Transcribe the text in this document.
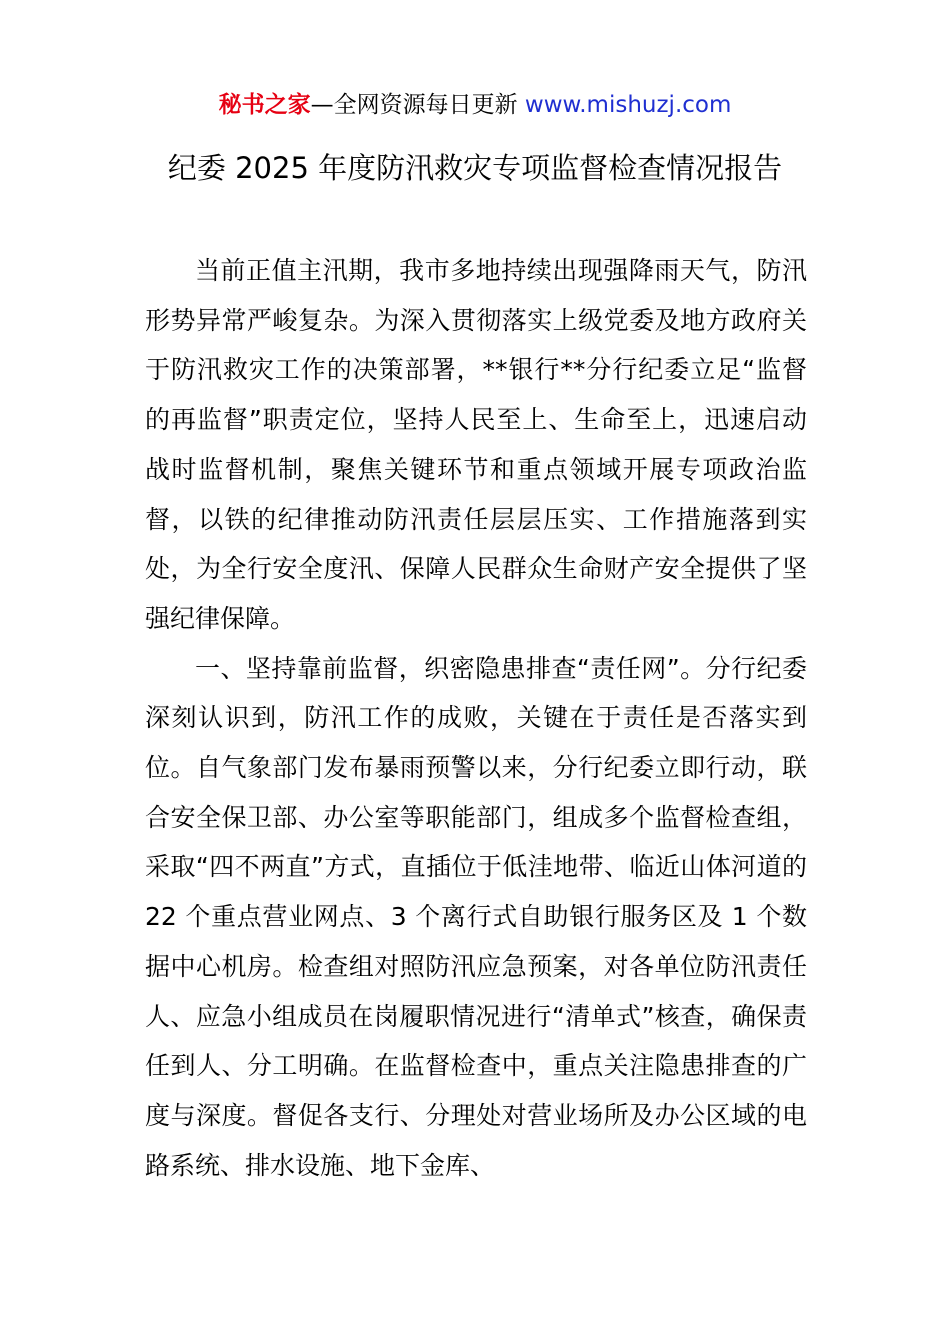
秘书之家—全网资源每日更新 www.mishuzj.com
纪委 2025 年度防汛救灾专项监督检查情况报告

当前正值主汛期，我市多地持续出现强降雨天气，防汛形势异常严峻复杂。为深入贯彻落实上级党委及地方政府关于防汛救灾工作的决策部署，**银行**分行纪委立足“监督的再监督”职责定位，坚持人民至上、生命至上，迅速启动战时监督机制，聚焦关键环节和重点领域开展专项政治监督，以铁的纪律推动防汛责任层层压实、工作措施落到实处，为全行安全度汛、保障人民群众生命财产安全提供了坚强纪律保障。

一、坚持靠前监督，织密隐患排查“责任网”。分行纪委深刻认识到，防汛工作的成败，关键在于责任是否落实到位。自气象部门发布暴雨预警以来，分行纪委立即行动，联合安全保卫部、办公室等职能部门，组成多个监督检查组，采取“四不两直”方式，直插位于低洼地带、临近山体河道的 22 个重点营业网点、3 个离行式自助银行服务区及 1 个数据中心机房。检查组对照防汛应急预案，对各单位防汛责任人、应急小组成员在岗履职情况进行“清单式”核查，确保责任到人、分工明确。在监督检查中，重点关注隐患排查的广度与深度。督促各支行、分理处对营业场所及办公区域的电路系统、排水设施、地下金库、
